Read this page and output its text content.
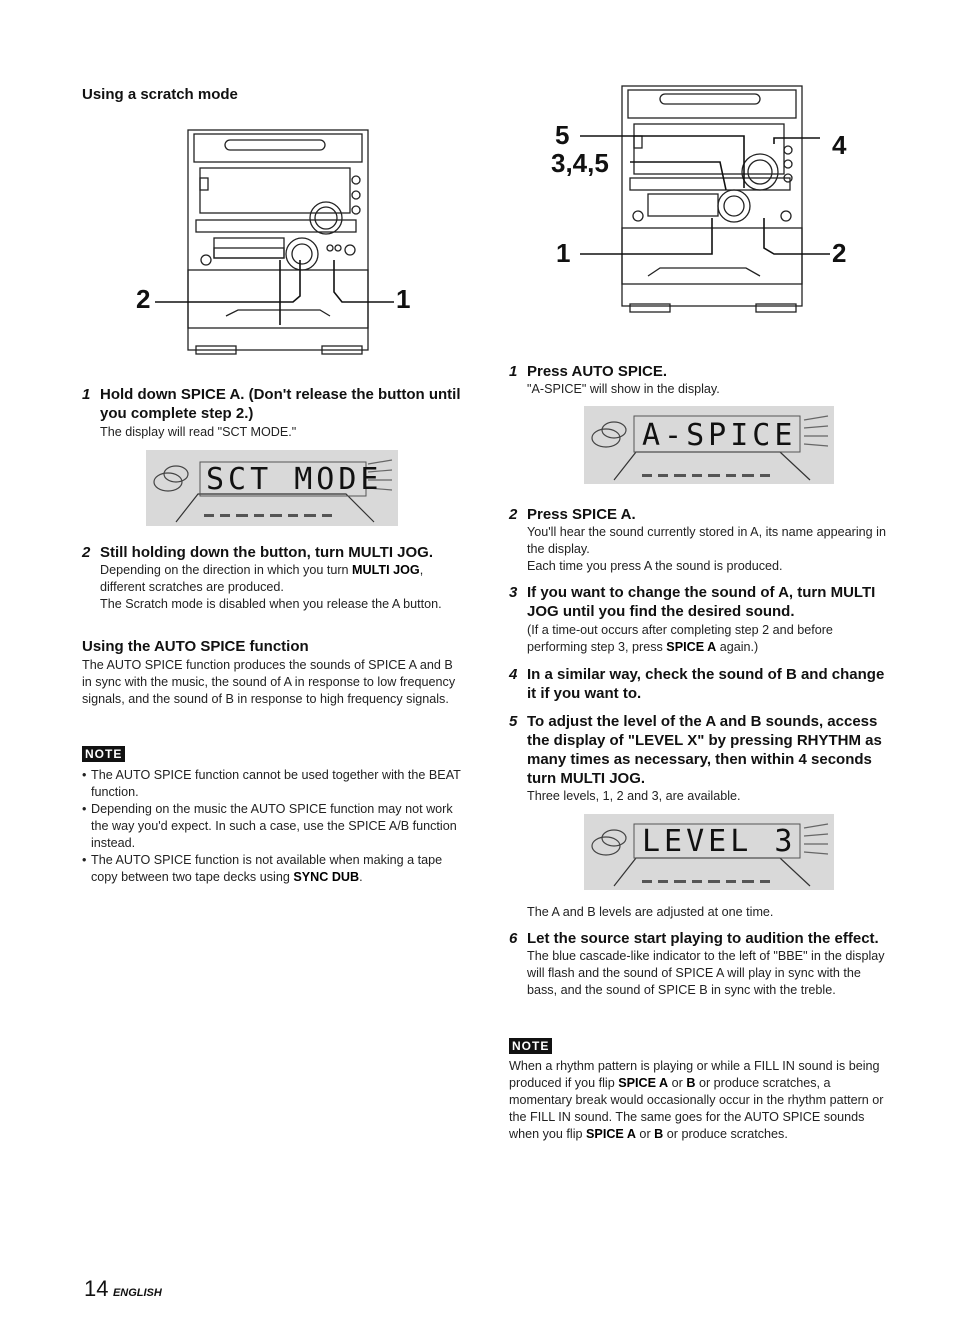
Using a scratch mode
2	1
1 Hold down SPICE A. (Don't release the button until you complete step 2.)
The display will read "SCT MODE."
SCT MODE
2 Still holding down the button, turn MULTI JOG.
Depending on the direction in which you turn MULTI JOG, different scratches are produced.
The Scratch mode is disabled when you release the A button.
Using the AUTO SPICE function
The AUTO SPICE function produces the sounds of SPICE A and B in sync with the music, the sound of A in response to low frequency signals, and the sound of B in response to high frequency signals.
NOTE
• The AUTO SPICE function cannot be used together with the BEAT function.
• Depending on the music the AUTO SPICE function may not work the way you'd expect. In such a case, use the SPICE A/B function instead.
• The AUTO SPICE function is not available when making a tape copy between two tape decks using SYNC DUB.
5
3,4,5
4
1	2
1 Press AUTO SPICE.
"A-SPICE" will show in the display.
A-SPICE
2 Press SPICE A.
You'll hear the sound currently stored in A, its name appearing in the display.
Each time you press A the sound is produced.
3 If you want to change the sound of A, turn MULTI JOG until you find the desired sound.
(If a time-out occurs after completing step 2 and before performing step 3, press SPICE A again.)
4 In a similar way, check the sound of B and change it if you want to.
5 To adjust the level of the A and B sounds, access the display of "LEVEL X" by pressing RHYTHM as many times as necessary, then within 4 seconds turn MULTI JOG.
Three levels, 1, 2 and 3, are available.
LEVEL 3
The A and B levels are adjusted at one time.
6 Let the source start playing to audition the effect.
The blue cascade-like indicator to the left of "BBE" in the display will flash and the sound of SPICE A will play in sync with the bass, and the sound of SPICE B in sync with the treble.
NOTE
When a rhythm pattern is playing or while a FILL IN sound is being produced if you flip SPICE A or B or produce scratches, a momentary break would occasionally occur in the rhythm pattern or the FILL IN sound. The same goes for the AUTO SPICE sounds when you flip SPICE A or B or produce scratches.
14 ENGLISH
